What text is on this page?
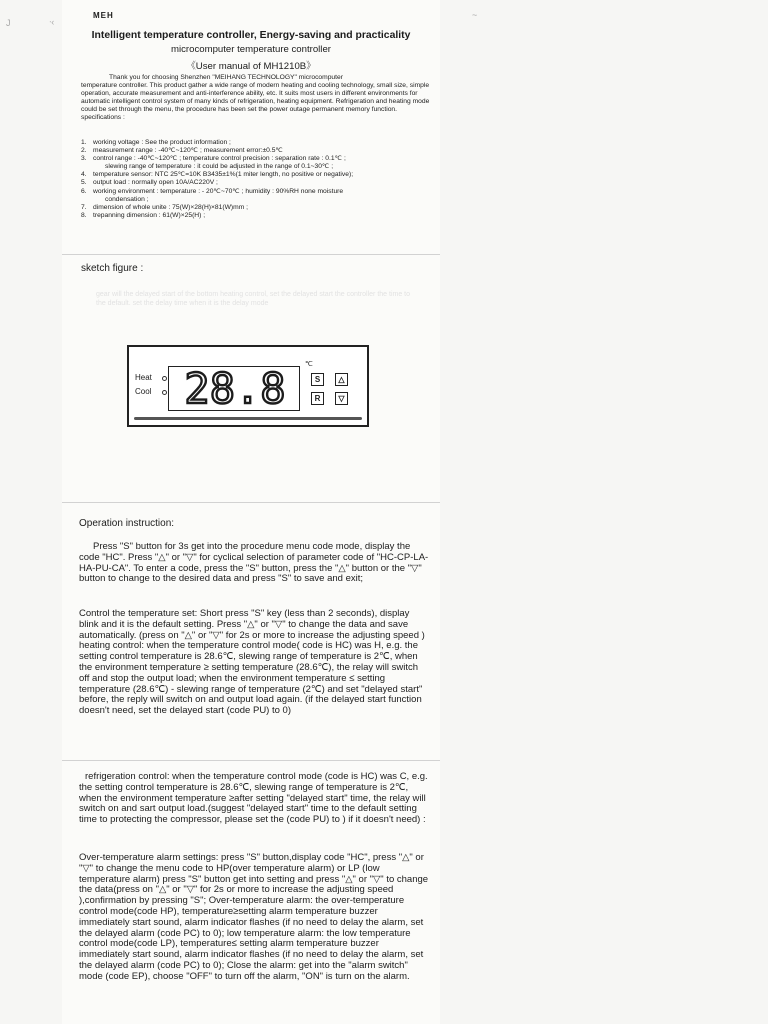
ᐧ‹
~
J
MEH
Intelligent temperature controller, Energy-saving and practicality
microcomputer temperature controller
《User manual of MH1210B》

Thank you for choosing Shenzhen "MEIHANG TECHNOLOGY" microcomputer
temperature controller. This product gather a wide range of modern heating and cooling technology, small size, simple operation, accurate measurement and anti-interference ability, etc. It suits most users in different environments for automatic intelligent control system of many kinds of refrigeration, heating equipment. Refrigeration and heating mode could be set through the menu, the procedure has been set the power outage permanent memory function.
specifications :

1. working voltage : See the product information ;
2. measurement range : -40℃~120℃ ; measurement error:±0.5℃
3. control range : -40℃~120℃ ; temperature control precision : separation rate : 0.1℃ ;
slewing range of temperature : it could be adjusted in the range of 0.1~30℃ ;
4. temperature sensor: NTC 25℃=10K B3435±1%(1 miter length, no positive or negative);
5. output load : normally open 10A/AC220V ;
6. working environment : temperature : - 20℃~70℃ ; humidity : 90%RH none moisture
condensation ;
7. dimension of whole unite : 75(W)×28(H)×81(W)mm ;
8. trepanning dimension : 61(W)×25(H) ;
sketch figure :
gear will the delayed start of the bottom heating control, set the delayed start the controller the time to the default. set the delay time when it is the delay mode
℃
Heat
Cool 28.8	S	△
R	▽
Operation instruction:

Press "S" button for 3s get into the procedure menu code mode, display the code "HC". Press "△" or "▽" for cyclical selection of parameter code of "HC-CP-LA-HA-PU-CA". To enter a code, press the "S" button, press the "△" button or the "▽" button to change to the desired data and press "S" to save and exit;

Control the temperature set: Short press "S" key (less than 2 seconds), display blink and it is the default setting. Press "△" or "▽" to change the data and save automatically. (press on "△" or "▽" for 2s or more to increase the adjusting speed )
heating control: when the temperature control mode( code is HC) was H, e.g. the setting control temperature is 28.6℃, slewing range of temperature is 2℃, when the environment temperature ≥ setting temperature (28.6℃), the relay will switch off and stop the output load; when the environment temperature ≤ setting temperature (28.6℃) - slewing range of temperature (2℃) and set "delayed start" before, the reply will switch on and output load again. (if the delayed start function doesn't need, set the delayed start (code PU) to 0)

refrigeration control: when the temperature control mode (code is HC) was C, e.g. the setting control temperature is 28.6℃, slewing range of temperature is 2℃, when the environment temperature ≥after setting "delayed start" time, the relay will switch on and sart output load.(suggest "delayed start" time to the default setting time to protecting the compressor, please set the (code PU) to ) if it doesn't need) :

Over-temperature alarm settings: press "S" button,display code "HC", press "△" or "▽" to change the menu code to HP(over temperature alarm) or LP (low temperature alarm) press "S" button get into setting and press "△" or "▽" to change the data(press on "△" or "▽" for 2s or more to increase the adjusting speed ),confirmation by pressing "S"; Over-temperature alarm: the over-temperature control mode(code HP), temperature≥setting alarm temperature buzzer immediately start sound, alarm indicator flashes (if no need to delay the alarm, set the delayed alarm (code PC) to 0); low temperature alarm: the low temperature control mode(code LP), temperature≤ setting alarm temperature buzzer immediately start sound, alarm indicator flashes (if no need to delay the alarm, set the delayed alarm (code PC) to 0); Close the alarm: get into the "alarm switch" mode (code EP), choose "OFF" to turn off the alarm, "ON" is turn on the alarm.
